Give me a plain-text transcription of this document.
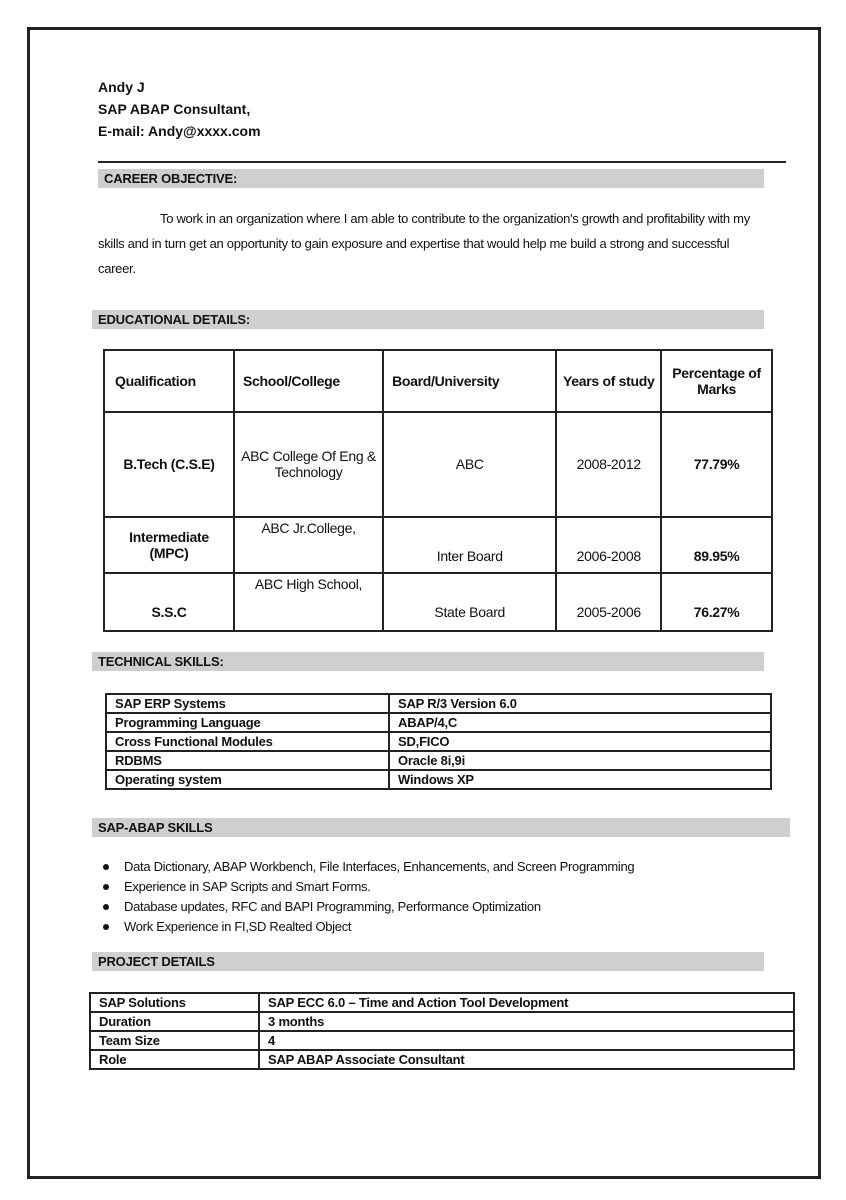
Andy J
SAP ABAP Consultant,
E-mail: Andy@xxxx.com
CAREER OBJECTIVE:
To work in an organization where I am able to contribute to the organization's growth and profitability with my skills and in turn get an opportunity to gain exposure and expertise that would help me build a strong and successful career.
EDUCATIONAL DETAILS:
Qualification	School/College	Board/University	Years of study	Percentage of Marks
B.Tech (C.S.E)	ABC College Of Eng & Technology	ABC	2008-2012	77.79%
Intermediate (MPC)	ABC Jr.College,	Inter Board	2006-2008	89.95%
S.S.C	ABC High School,	State Board	2005-2006	76.27%
TECHNICAL SKILLS:
SAP ERP Systems	SAP R/3 Version 6.0
Programming Language	ABAP/4,C
Cross Functional Modules	SD,FICO
RDBMS	Oracle 8i,9i
Operating system	Windows XP
SAP-ABAP SKILLS
Data Dictionary, ABAP Workbench, File Interfaces, Enhancements, and Screen Programming
Experience in SAP Scripts and Smart Forms.
Database updates, RFC and BAPI Programming, Performance Optimization
Work Experience in FI,SD Realted Object
PROJECT DETAILS
SAP Solutions	SAP ECC 6.0 – Time and Action Tool Development
Duration	3 months
Team Size	4
Role	SAP ABAP Associate Consultant
